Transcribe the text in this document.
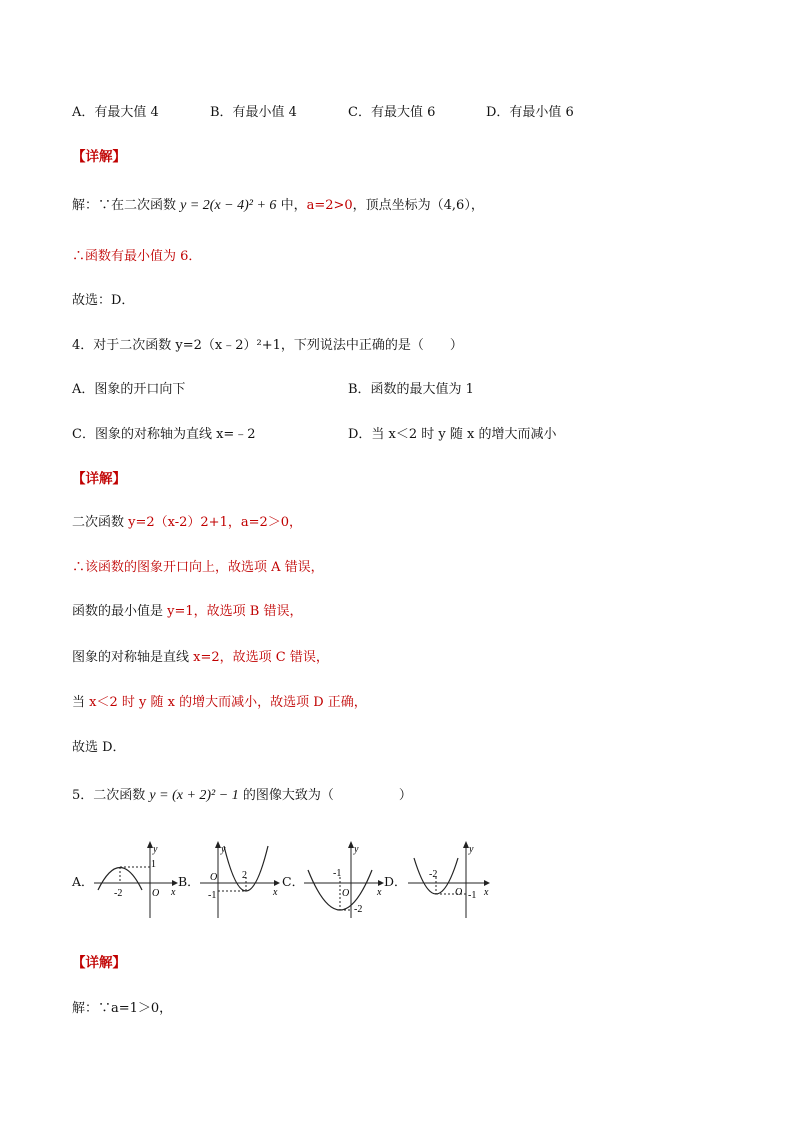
A．有最大值 4	B．有最小值 4	C．有最大值 6	D．有最小值 6
【详解】
解：∵在二次函数 y = 2(x − 4)² + 6 中，a=2>0，顶点坐标为（4,6），
∴函数有最小值为 6．
故选：D．
4．对于二次函数 y=2（x﹣2）²+1，下列说法中正确的是（　　）
A．图象的开口向下	B．函数的最大值为 1
C．图象的对称轴为直线 x=﹣2	D．当 x＜2 时 y 随 x 的增大而减小
【详解】
二次函数 y=2（x-2）2+1，a=2＞0，
∴该函数的图象开口向上，故选项 A 错误，
函数的最小值是 y=1，故选项 B 错误，
图象的对称轴是直线 x=2，故选项 C 错误，
当 x＜2 时 y 随 x 的增大而减小，故选项 D 正确，
故选 D．
5．二次函数 y = (x + 2)² − 1 的图像大致为（　　　　　）
A．	B．	C．	D．
-2
1
O x
y
2
-1
O
x
y
-1
-2
O	x
y
-2
-1
O x
y
【详解】
解：∵a=1＞0，
